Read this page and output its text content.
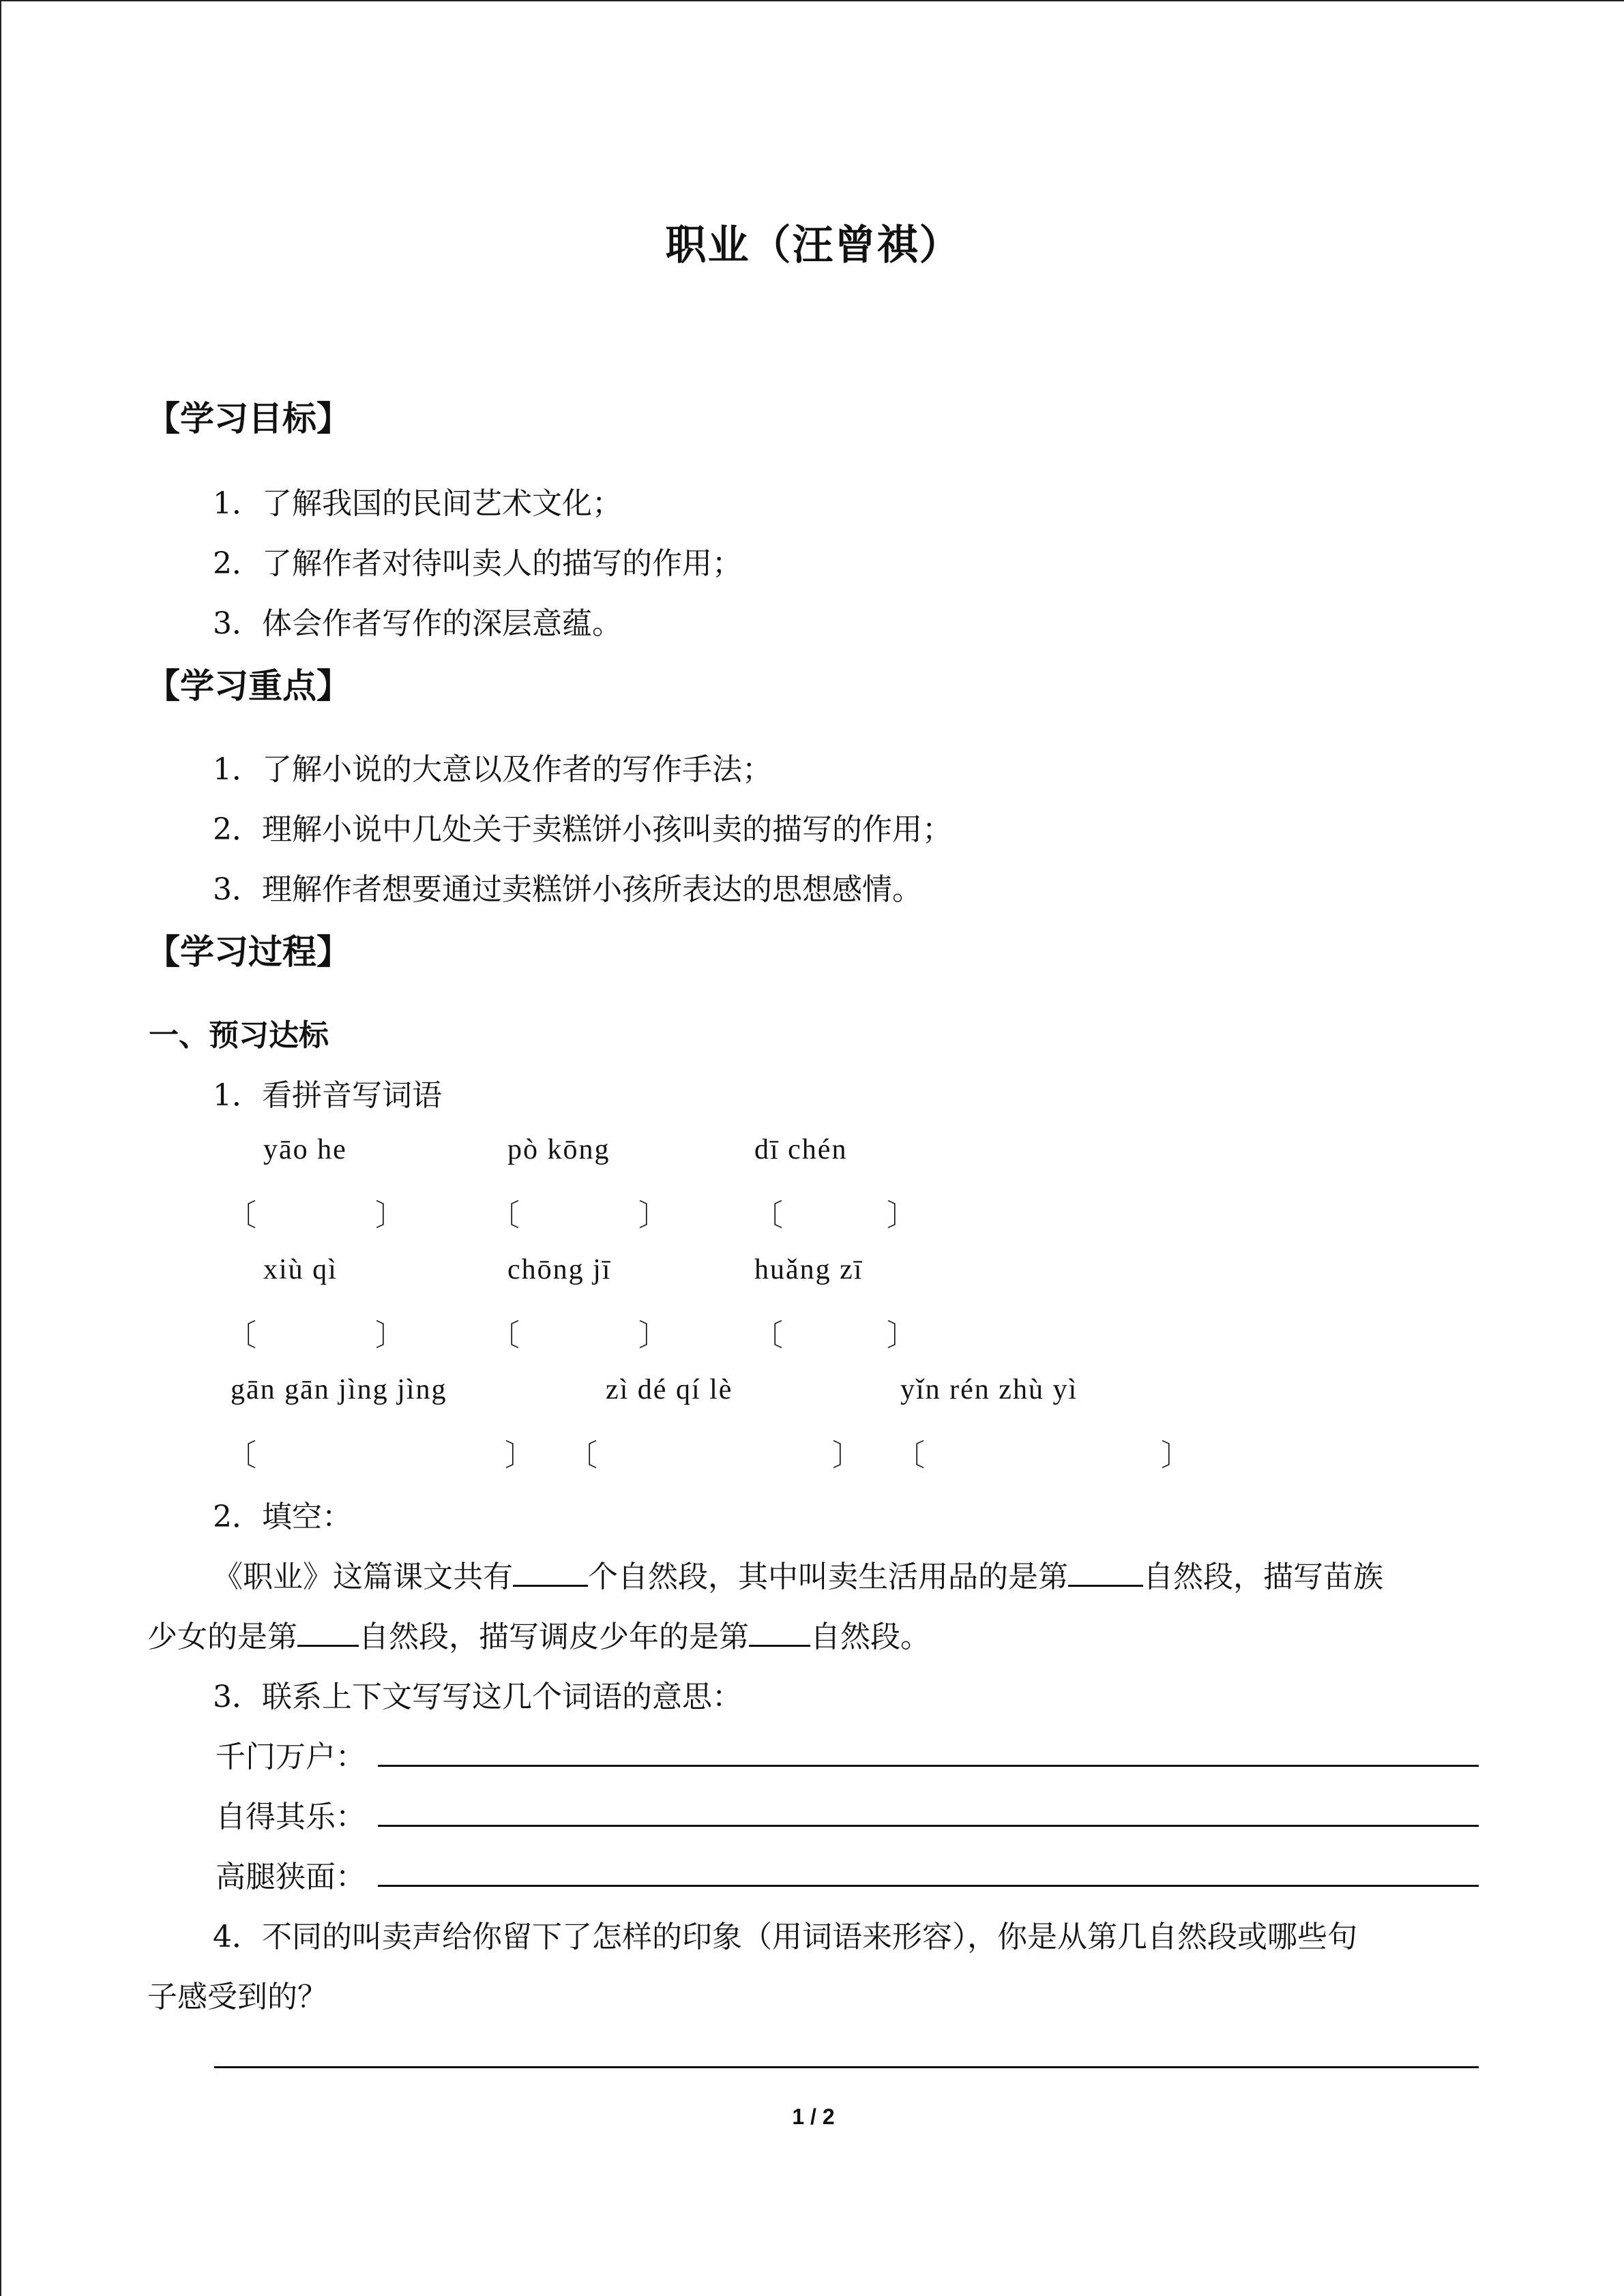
职业（汪曾祺）
【学习目标】
1．了解我国的民间艺术文化；
2．了解作者对待叫卖人的描写的作用；
3．体会作者写作的深层意蕴。
【学习重点】
1．了解小说的大意以及作者的写作手法；
2．理解小说中几处关于卖糕饼小孩叫卖的描写的作用；
3．理解作者想要通过卖糕饼小孩所表达的思想感情。
【学习过程】
一、预习达标
1．看拼音写词语
yāo he	pò kōng	dī chén
〔	〕	〔	〕	〔	〕
xiù qì	chōng jī	huǎng zī
〔	〕	〔	〕	〔	〕
gān gān jìng jìng	zì dé qí lè	yǐn rén zhù yì
〔	〕 〔	〕 〔	〕
2．填空：
《职业》这篇课文共有	个自然段，其中叫卖生活用品的是第	自然段，描写苗族
少女的是第 自然段，描写调皮少年的是第 自然段。
3．联系上下文写写这几个词语的意思：
千门万户：
自得其乐：
高腿狭面：
4．不同的叫卖声给你留下了怎样的印象（用词语来形容），你是从第几自然段或哪些句
子感受到的？
1 / 2
